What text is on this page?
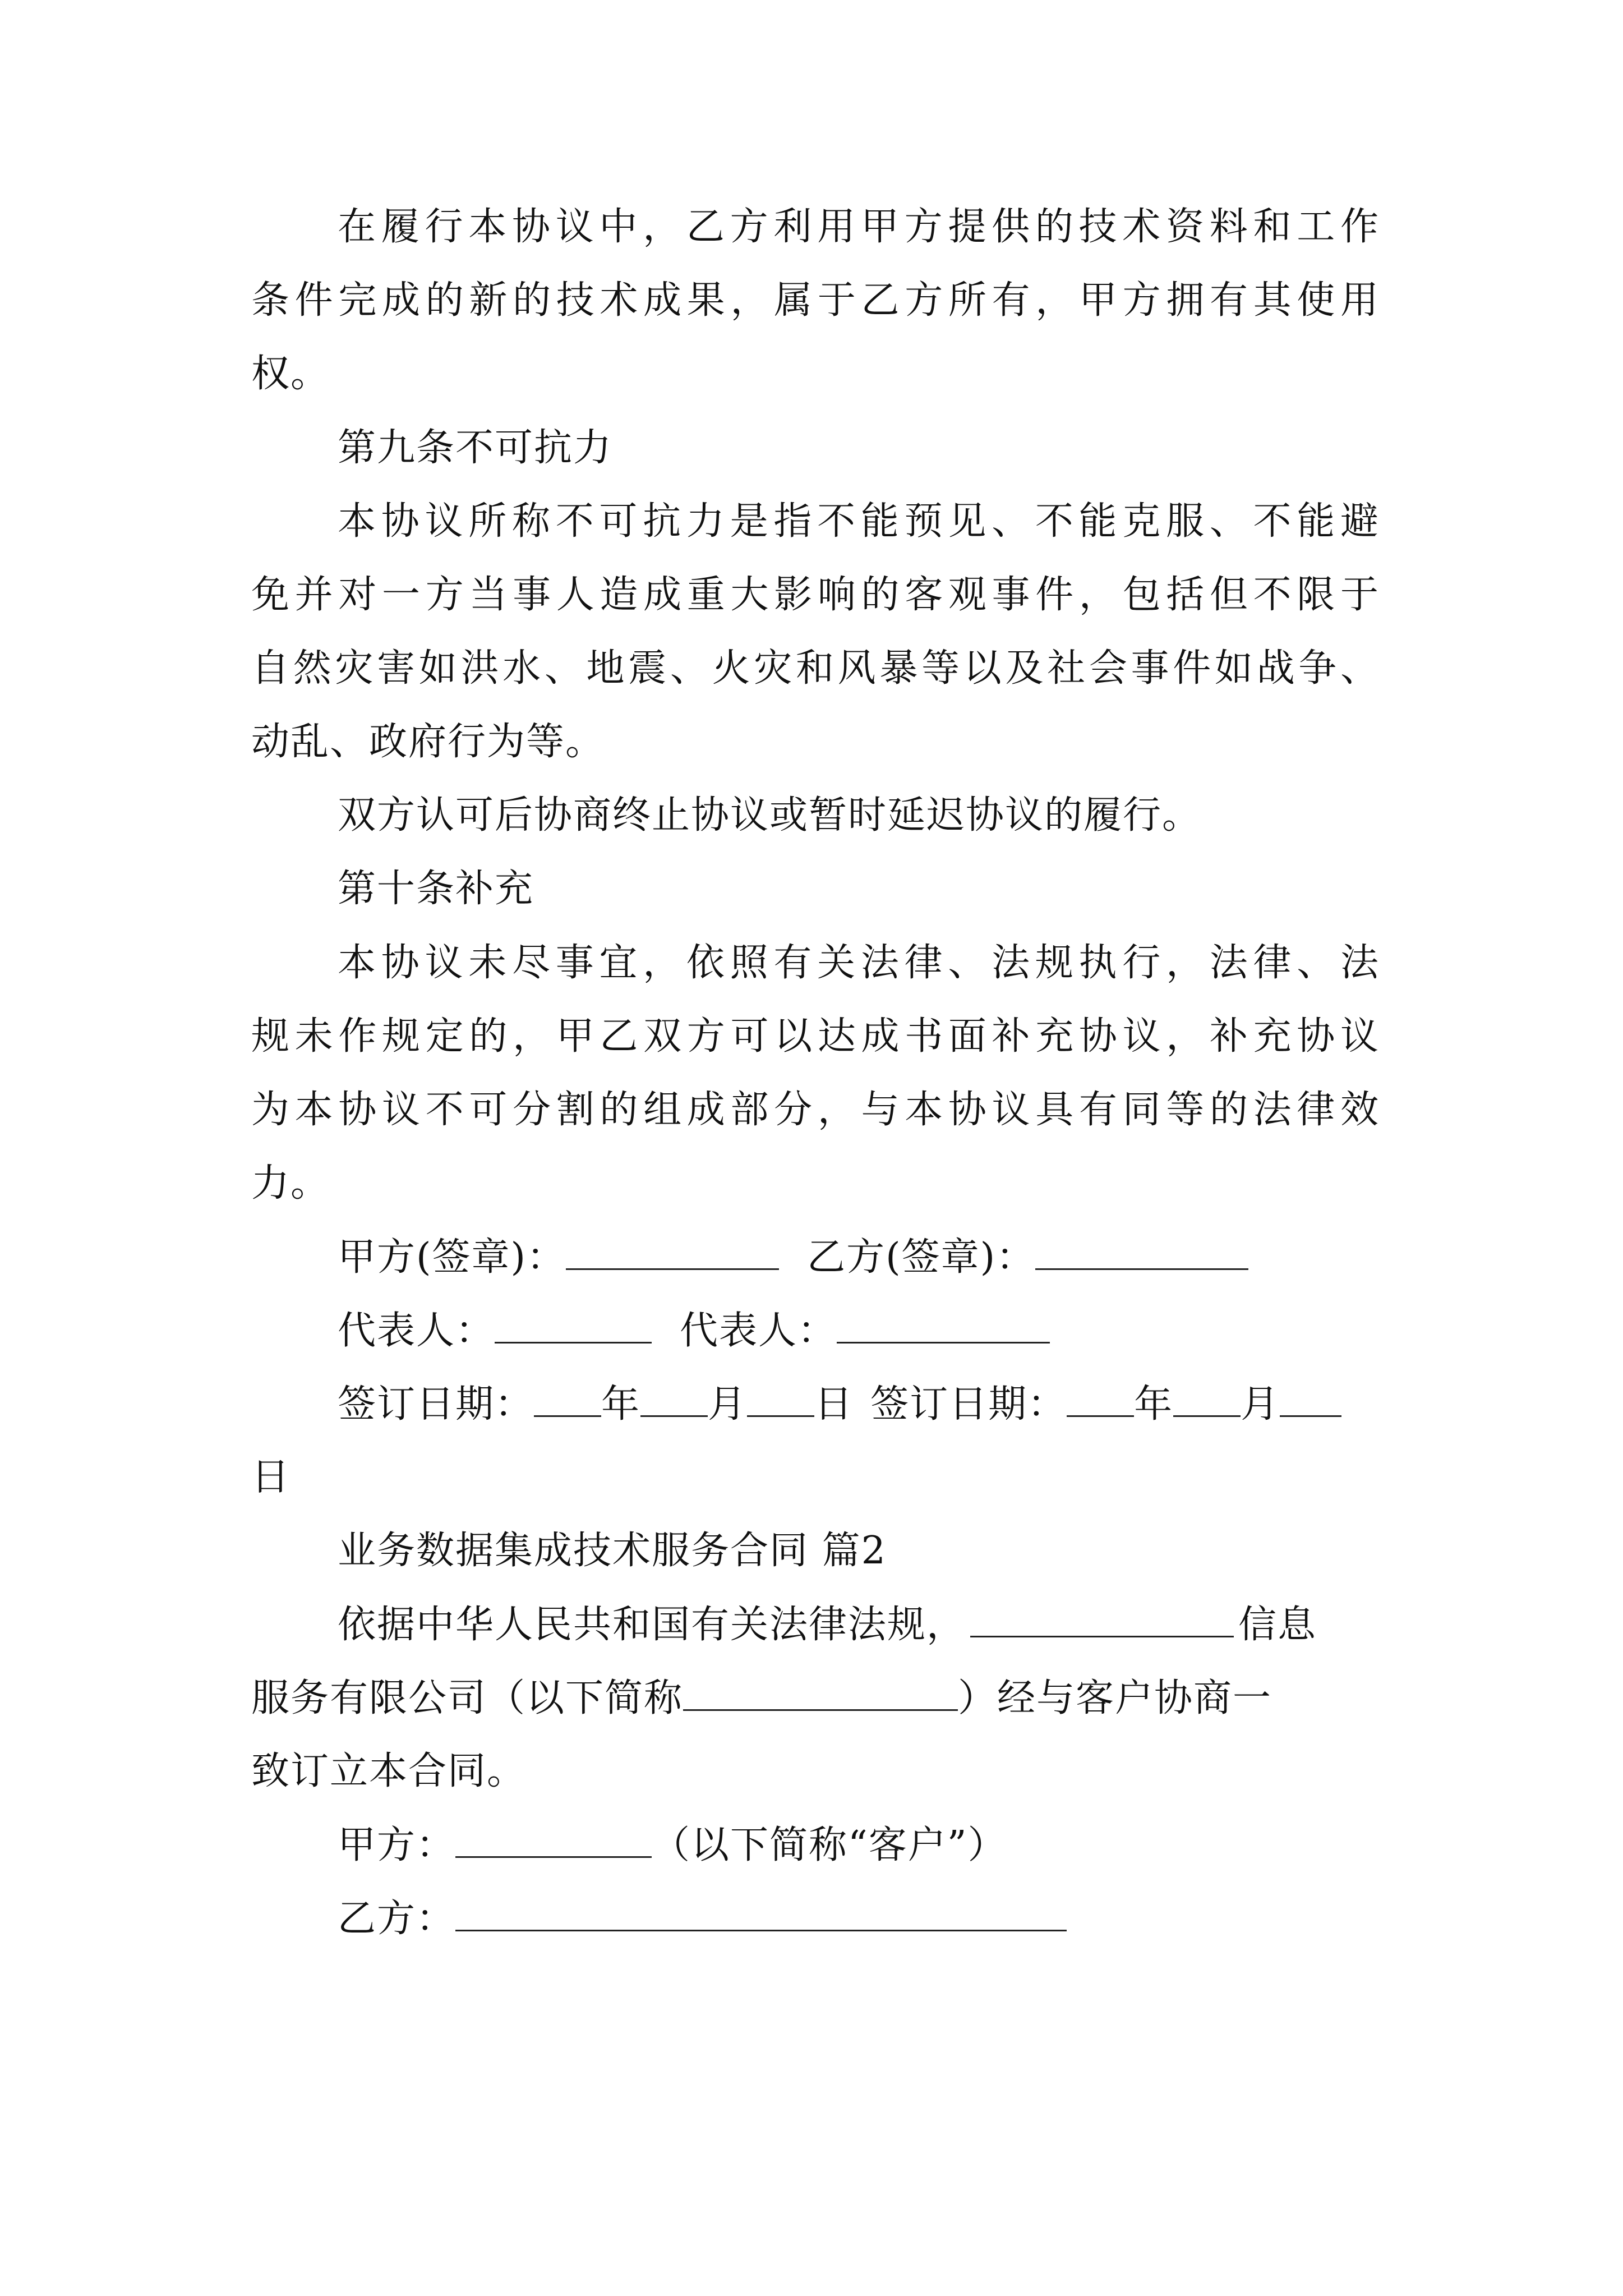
在履行本协议中，乙方利用甲方提供的技术资料和工作
条件完成的新的技术成果，属于乙方所有，甲方拥有其使用
权。
第九条不可抗力
本协议所称不可抗力是指不能预见、不能克服、不能避
免并对一方当事人造成重大影响的客观事件，包括但不限于
自然灾害如洪水、地震、火灾和风暴等以及社会事件如战争、
动乱、政府行为等。
双方认可后协商终止协议或暂时延迟协议的履行。
第十条补充
本协议未尽事宜，依照有关法律、法规执行，法律、法
规未作规定的，甲乙双方可以达成书面补充协议，补充协议
为本协议不可分割的组成部分，与本协议具有同等的法律效
力。
甲方(签章)：	乙方(签章)：
代表人：	代表人：
签订日期： 年 月 日 签订日期： 年 月
日
业务数据集成技术服务合同 篇2
依据中华人民共和国有关法律法规，	信息
服务有限公司（以下简称	）经与客户协商一
致订立本合同。
甲方：	（以下简称“客户”）
乙方：
